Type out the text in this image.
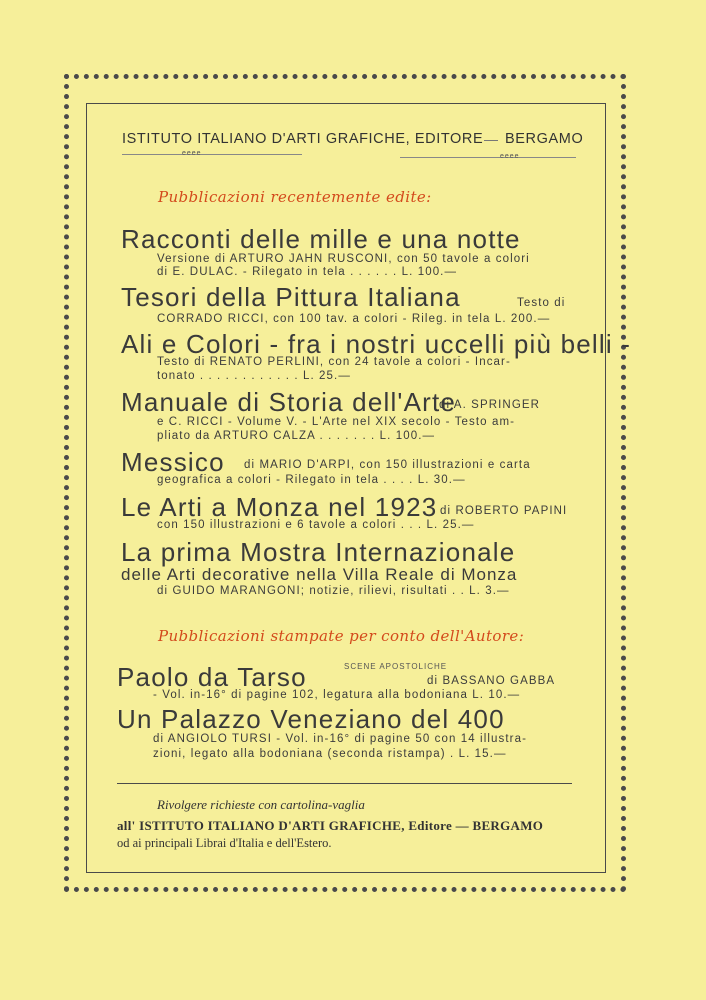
ISTITUTO ITALIANO D'ARTI GRAFICHE, EDITORE BERGAMO
eeee	eeee
Pubblicazioni recentemente edite:
Racconti delle mille e una notte
Versione di ARTURO JAHN RUSCONI, con 50 tavole a colori
di E. DULAC. - Rilegato in tela . . . . . . L. 100.—
Tesori della Pittura Italiana	Testo di
CORRADO RICCI, con 100 tav. a colori - Rileg. in tela L. 200.—
Ali e Colori - fra i nostri uccelli più belli -
Testo di RENATO PERLINI, con 24 tavole a colori - Incar-
tonato . . . . . . . . . . . . L. 25.—
Manuale di Storia dell'Arte
di A. SPRINGER
e C. RICCI - Volume V. - L'Arte nel XIX secolo - Testo am-
pliato da ARTURO CALZA . . . . . . . L. 100.—
Messico di MARIO D'ARPI, con 150 illustrazioni e carta
geografica a colori - Rilegato in tela . . . . L. 30.—
Le Arti a Monza nel 1923 di ROBERTO PAPINI
con 150 illustrazioni e 6 tavole a colori . . . L. 25.—
La prima Mostra Internazionale
delle Arti decorative nella Villa Reale di Monza
di GUIDO MARANGONI; notizie, rilievi, risultati . . L. 3.—
Pubblicazioni stampate per conto dell'Autore:
Paolo da Tarso	SCENE APOSTOLICHE
di BASSANO GABBA
- Vol. in-16° di pagine 102, legatura alla bodoniana L. 10.—
Un Palazzo Veneziano del 400
di ANGIOLO TURSI - Vol. in-16° di pagine 50 con 14 illustra-
zioni, legato alla bodoniana (seconda ristampa) . L. 15.—
Rivolgere richieste con cartolina-vaglia
all' ISTITUTO ITALIANO D'ARTI GRAFICHE, Editore — BERGAMO
od ai principali Librai d'Italia e dell'Estero.
